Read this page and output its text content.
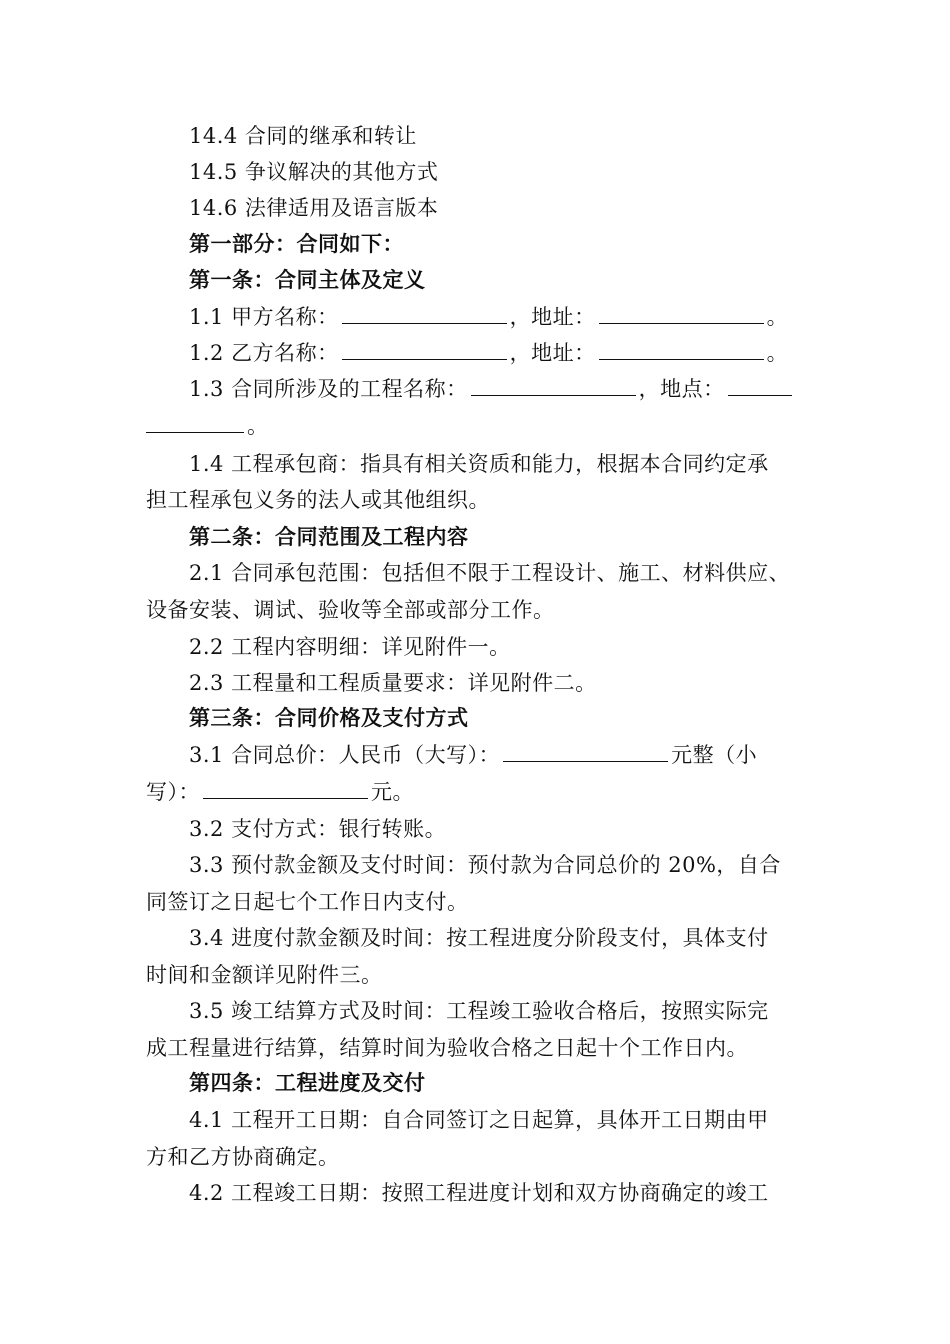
14.4 合同的继承和转让
14.5 争议解决的其他方式
14.6 法律适用及语言版本
第一部分：合同如下：
第一条：合同主体及定义
1.1 甲方名称：	，地址：	。
1.2 乙方名称：	，地址：	。
1.3 合同所涉及的工程名称：	，地点：
。
1.4 工程承包商：指具有相关资质和能力，根据本合同约定承
担工程承包义务的法人或其他组织。
第二条：合同范围及工程内容
2.1 合同承包范围：包括但不限于工程设计、施工、材料供应、
设备安装、调试、验收等全部或部分工作。
2.2 工程内容明细：详见附件一。
2.3 工程量和工程质量要求：详见附件二。
第三条：合同价格及支付方式
3.1 合同总价：人民币（大写）：	元整（小
写）：	元。
3.2 支付方式：银行转账。
3.3 预付款金额及支付时间：预付款为合同总价的 20%，自合
同签订之日起七个工作日内支付。
3.4 进度付款金额及时间：按工程进度分阶段支付，具体支付
时间和金额详见附件三。
3.5 竣工结算方式及时间：工程竣工验收合格后，按照实际完
成工程量进行结算，结算时间为验收合格之日起十个工作日内。
第四条：工程进度及交付
4.1 工程开工日期：自合同签订之日起算，具体开工日期由甲
方和乙方协商确定。
4.2 工程竣工日期：按照工程进度计划和双方协商确定的竣工
